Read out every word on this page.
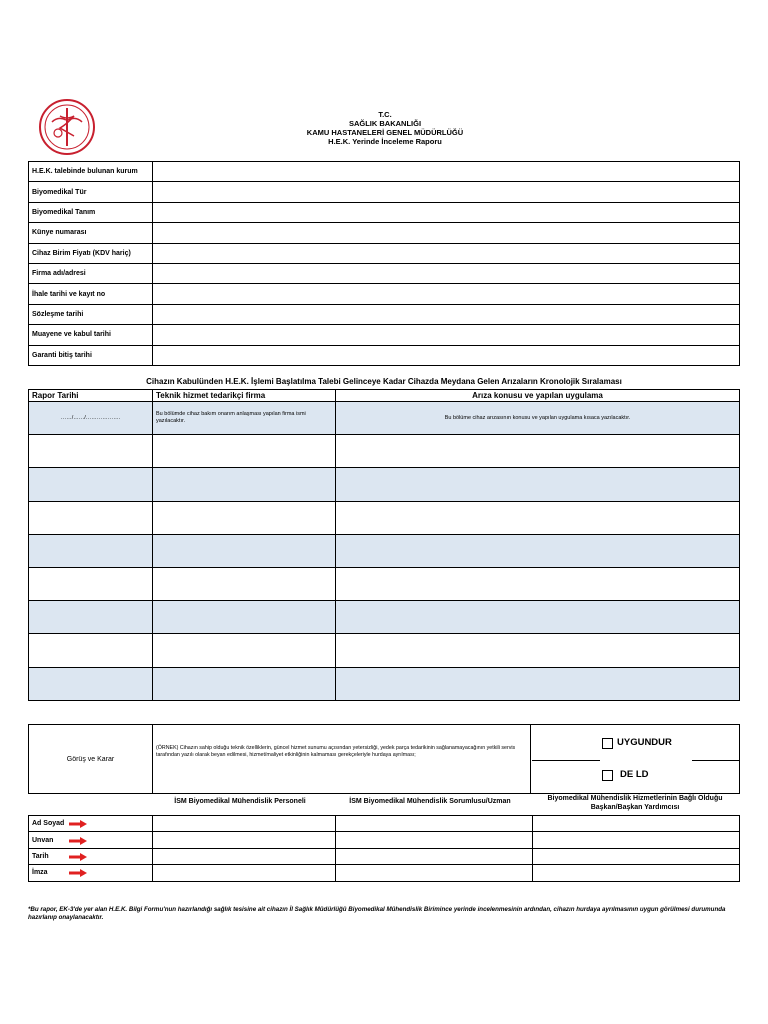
T.C.
SAĞLIK BAKANLIĞI
KAMU HASTANELERİ GENEL MÜDÜRLÜĞÜ
H.E.K. Yerinde İnceleme Raporu
H.E.K. talebinde bulunan kurum	
Biyomedikal Tür	
Biyomedikal Tanım	
Künye numarası	
Cihaz Birim Fiyatı (KDV hariç)	
Firma adı/adresi	
İhale tarihi ve kayıt no	
Sözleşme tarihi	
Muayene ve kabul tarihi	
Garanti bitiş tarihi	
Cihazın Kabulünden H.E.K. İşlemi Başlatılma Talebi Gelinceye Kadar Cihazda Meydana Gelen Arızaların Kronolojik Sıralaması
Rapor Tarihi	Teknik hizmet tedarikçi firma	Arıza konusu ve yapılan uygulama
……/……/……………….	Bu bölümde cihaz bakım onarım anlaşması yapılan firma ismi yazılacaktır.	Bu bölüme cihaz arızasının konusu ve yapılan uygulama kısaca yazılacaktır.

Görüş ve Karar
(ÖRNEK) Cihazın sahip olduğu teknik özelliklerin, güncel hizmet sunumu açısından yetersizliği, yedek parça tedarikinin sağlanamayacağının yetkili servis tarafından yazılı olarak beyan edilmesi, hizmet/maliyet etkinliğinin kalmaması gerekçeleriyle hurdaya ayrılması;
UYGUNDUR
DE LD
İSM Biyomedikal Mühendislik Personeli	İSM Biyomedikal Mühendislik Sorumlusu/Uzman	Biyomedikal Mühendislik Hizmetlerinin Bağlı Olduğu Başkan/Başkan Yardımcısı
Ad Soyad

Unvan

Tarih

İmza

*Bu rapor, EK-3'de yer alan H.E.K. Bilgi Formu'nun hazırlandığı sağlık tesisine ait cihazın İl Sağlık Müdürlüğü Biyomedikal Mühendislik Birimince yerinde incelenmesinin ardından, cihazın hurdaya ayrılmasının uygun görülmesi durumunda hazırlanıp onaylanacaktır.
